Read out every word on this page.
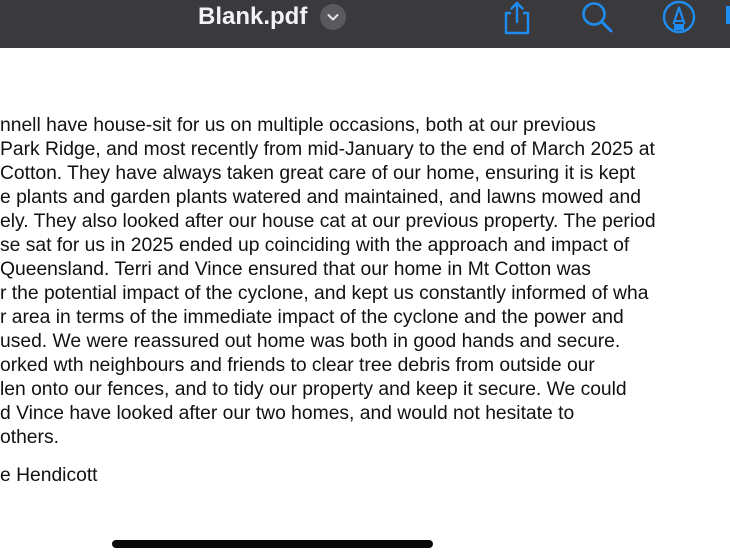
Blank.pdf
nnell have house-sit for us on multiple occasions, both at our previous
Park Ridge, and most recently from mid-January to the end of March 2025 at
Cotton. They have always taken great care of our home, ensuring it is kept
e plants and garden plants watered and maintained, and lawns mowed and
ely. They also looked after our house cat at our previous property. The period
se sat for us in 2025 ended up coinciding with the approach and impact of
Queensland. Terri and Vince ensured that our home in Mt Cotton was
r the potential impact of the cyclone, and kept us constantly informed of wha
r area in terms of the immediate impact of the cyclone and the power and
used. We were reassured out home was both in good hands and secure.
orked wth neighbours and friends to clear tree debris from outside our
len onto our fences, and to tidy our property and keep it secure. We could
d Vince have looked after our two homes, and would not hesitate to
others.
e Hendicott
